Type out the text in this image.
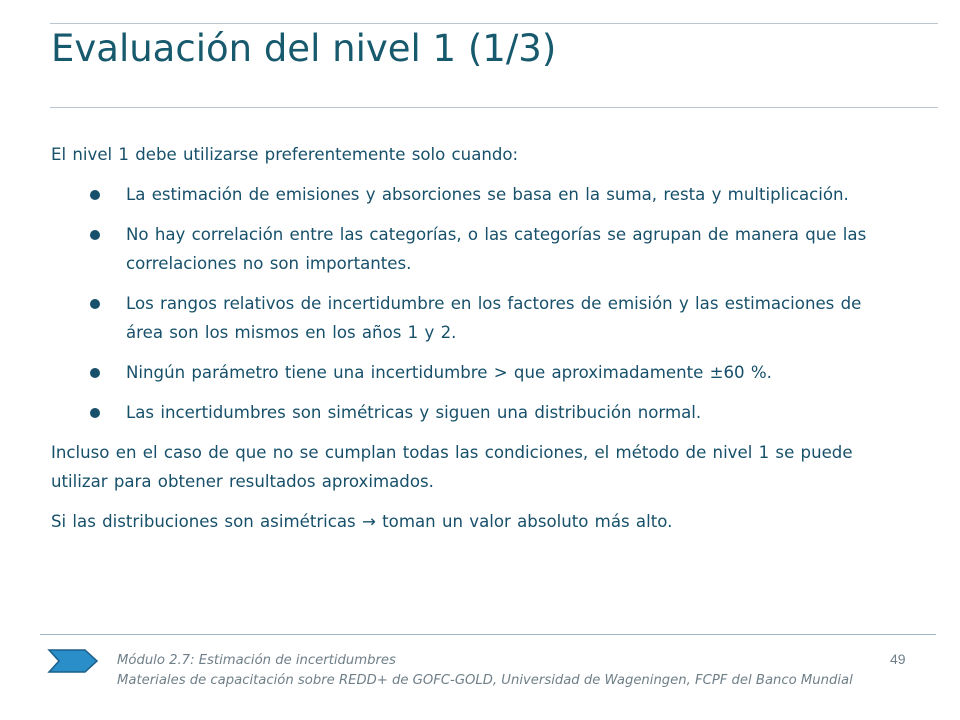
Evaluación del nivel 1 (1/3)

El nivel 1 debe utilizarse preferentemente solo cuando:

La estimación de emisiones y absorciones se basa en la suma, resta y multiplicación.
No hay correlación entre las categorías, o las categorías se agrupan de manera que las correlaciones no son importantes.
Los rangos relativos de incertidumbre en los factores de emisión y las estimaciones de área son los mismos en los años 1 y 2.
Ningún parámetro tiene una incertidumbre > que aproximadamente ±60 %.
Las incertidumbres son simétricas y siguen una distribución normal.

Incluso en el caso de que no se cumplan todas las condiciones, el método de nivel 1 se puede utilizar para obtener resultados aproximados.

Si las distribuciones son asimétricas → toman un valor absoluto más alto.

Módulo 2.7: Estimación de incertidumbres
Materiales de capacitación sobre REDD+ de GOFC-GOLD, Universidad de Wageningen, FCPF del Banco Mundial
49
